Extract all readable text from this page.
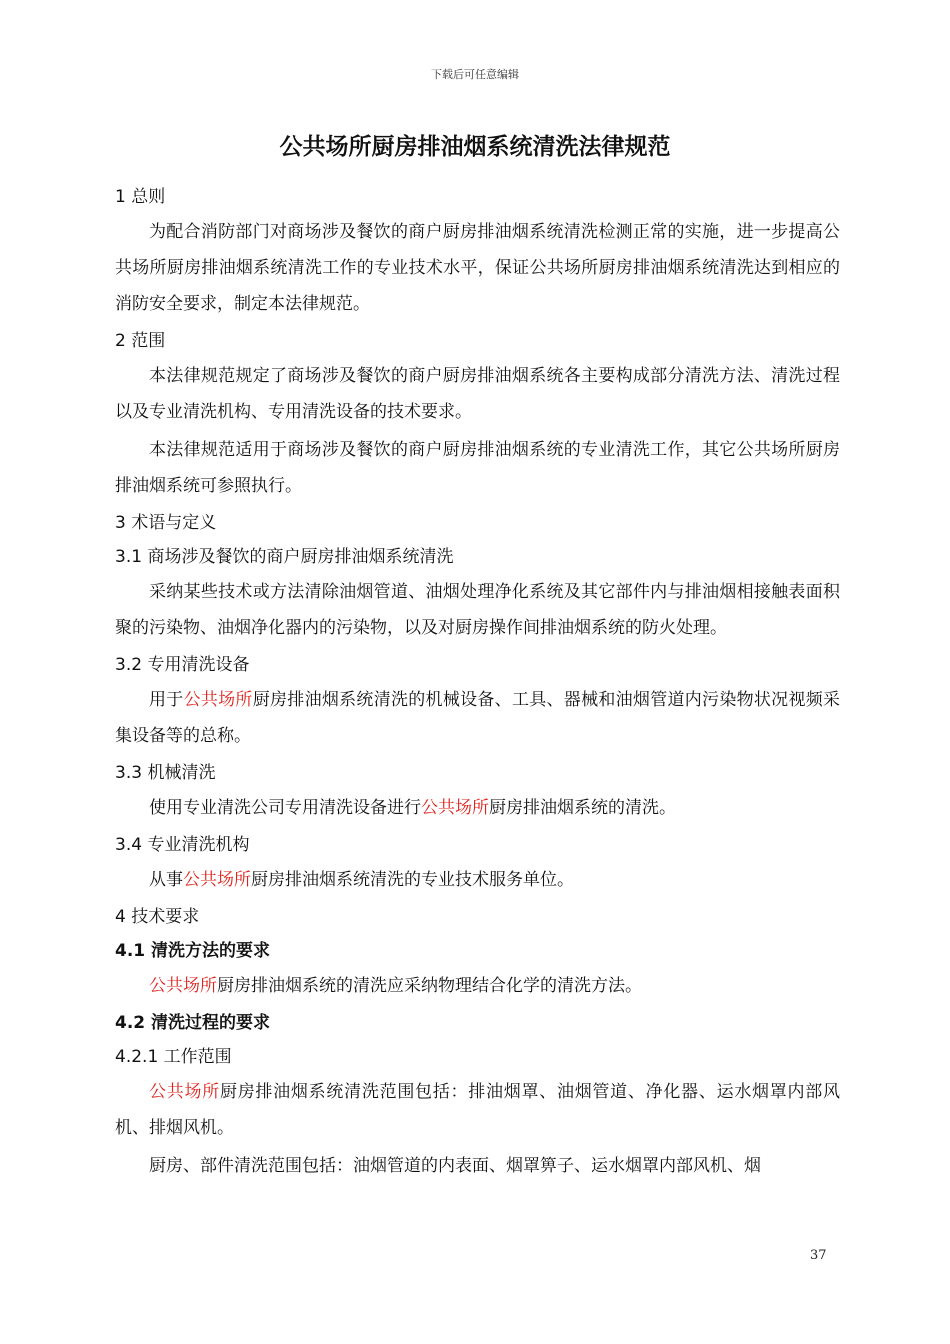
下载后可任意编辑
公共场所厨房排油烟系统清洗法律规范
1 总则

为配合消防部门对商场涉及餐饮的商户厨房排油烟系统清洗检测正常的实施，进一步提高公共场所厨房排油烟系统清洗工作的专业技术水平，保证公共场所厨房排油烟系统清洗达到相应的消防安全要求，制定本法律规范。

2 范围

本法律规范规定了商场涉及餐饮的商户厨房排油烟系统各主要构成部分清洗方法、清洗过程以及专业清洗机构、专用清洗设备的技术要求。

本法律规范适用于商场涉及餐饮的商户厨房排油烟系统的专业清洗工作，其它公共场所厨房排油烟系统可参照执行。

3 术语与定义
3.1 商场涉及餐饮的商户厨房排油烟系统清洗

采纳某些技术或方法清除油烟管道、油烟处理净化系统及其它部件内与排油烟相接触表面积聚的污染物、油烟净化器内的污染物，以及对厨房操作间排油烟系统的防火处理。

3.2 专用清洗设备

用于公共场所厨房排油烟系统清洗的机械设备、工具、器械和油烟管道内污染物状况视频采集设备等的总称。

3.3 机械清洗

使用专业清洗公司专用清洗设备进行公共场所厨房排油烟系统的清洗。

3.4 专业清洗机构

从事公共场所厨房排油烟系统清洗的专业技术服务单位。

4 技术要求
4.1 清洗方法的要求

公共场所厨房排油烟系统的清洗应采纳物理结合化学的清洗方法。

4.2 清洗过程的要求
4.2.1 工作范围

公共场所厨房排油烟系统清洗范围包括：排油烟罩、油烟管道、净化器、运水烟罩内部风机、排烟风机。

厨房、部件清洗范围包括：油烟管道的内表面、烟罩箅子、运水烟罩内部风机、烟

37
